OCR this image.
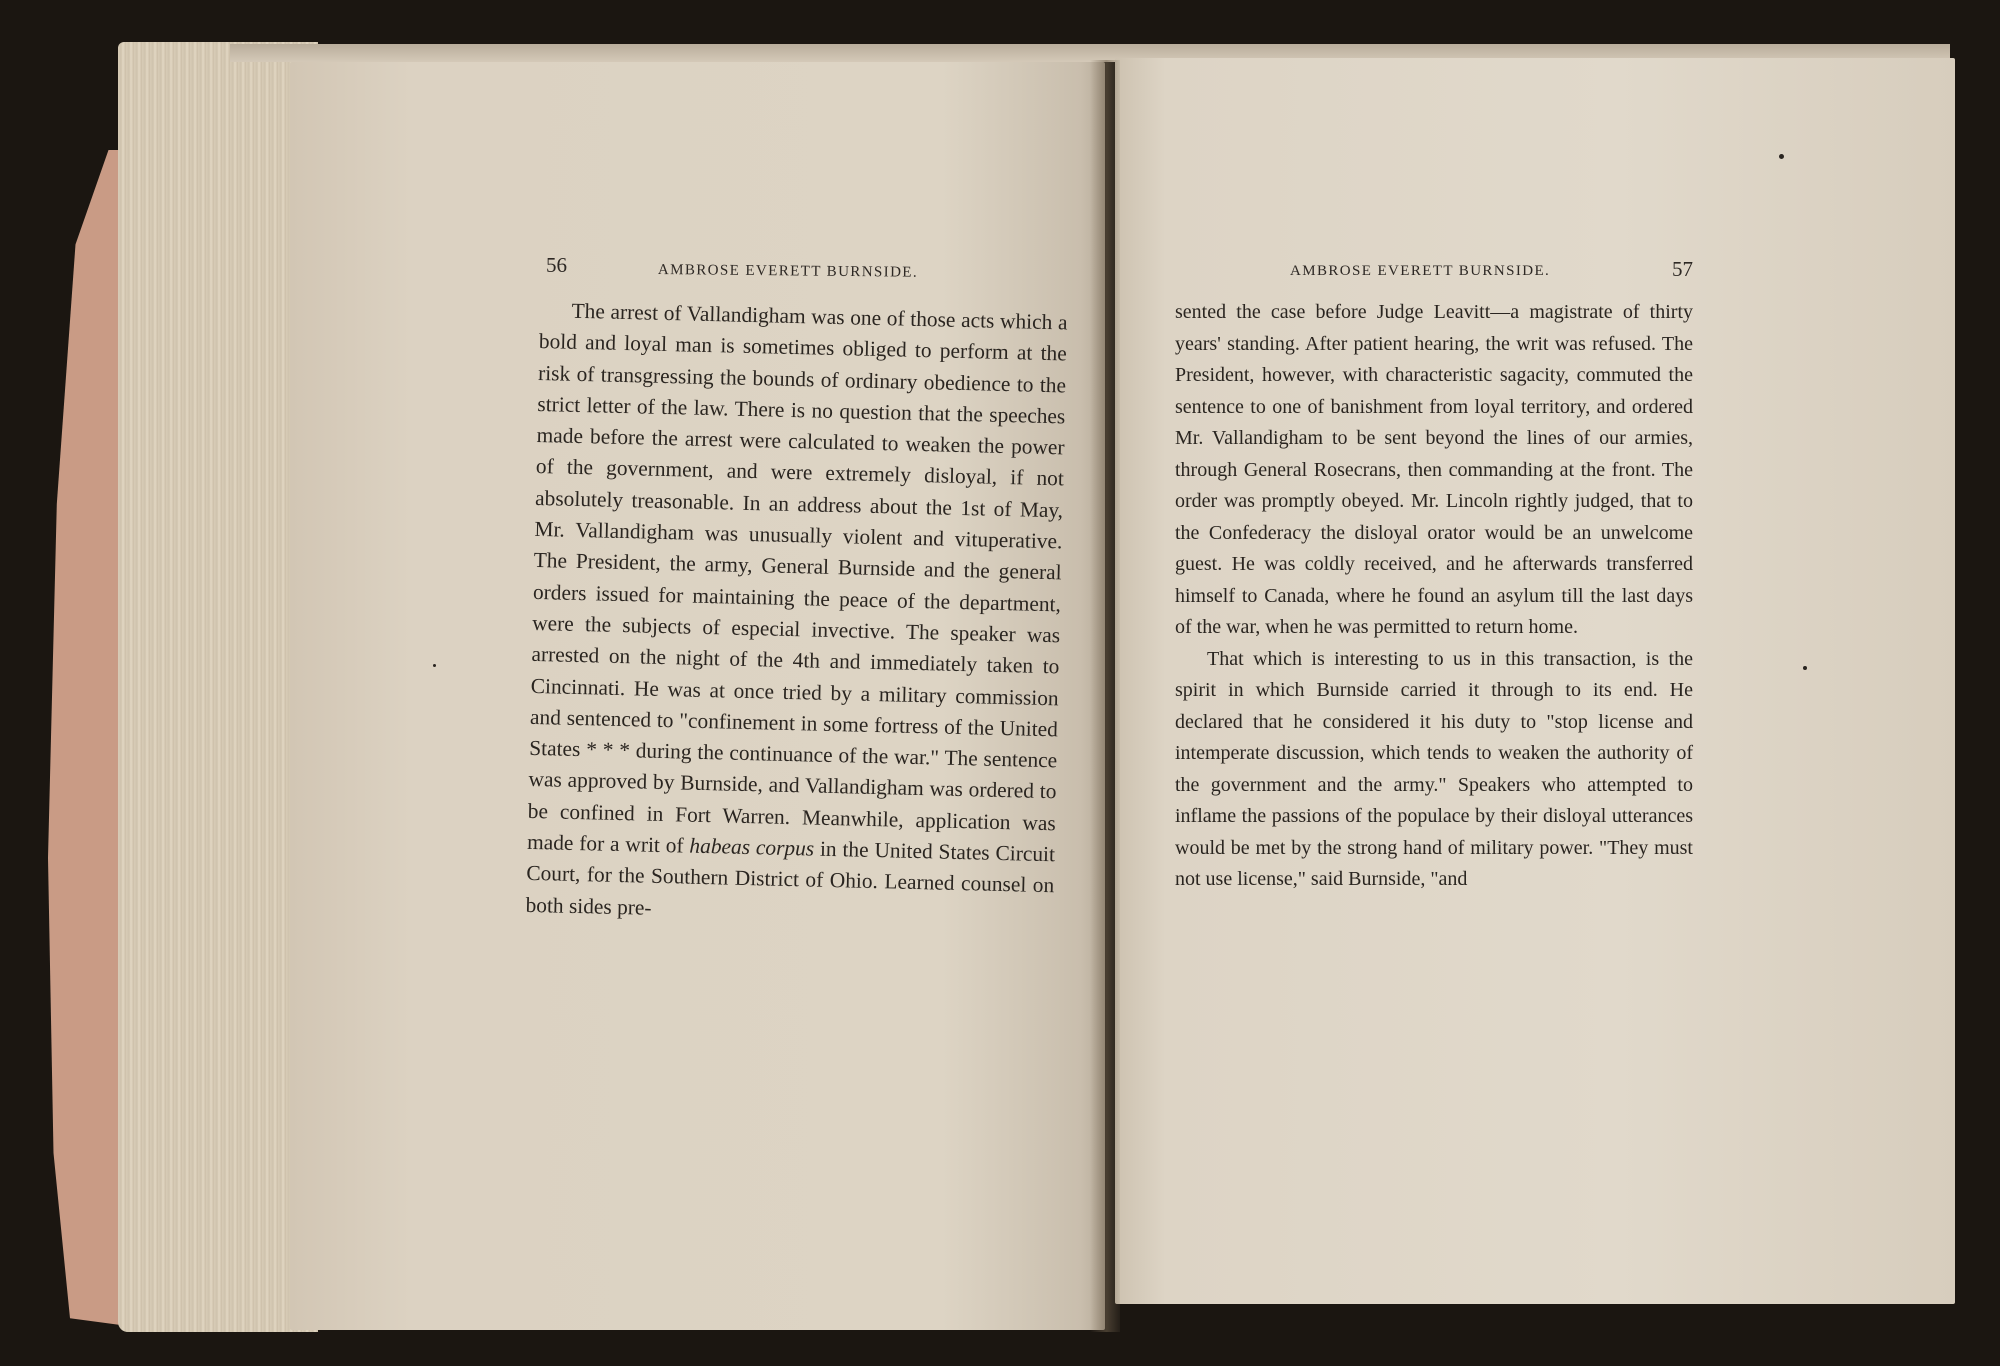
56	AMBROSE EVERETT BURNSIDE.
The arrest of Vallandigham was one of those acts which a bold and loyal man is sometimes obliged to perform at the risk of transgressing the bounds of ordinary obedience to the strict letter of the law. There is no question that the speeches made before the arrest were calculated to weaken the power of the government, and were extremely disloyal, if not absolutely treasonable. In an address about the 1st of May, Mr. Vallandigham was unusually violent and vituperative. The President, the army, General Burnside and the general orders issued for maintaining the peace of the department, were the subjects of especial invective. The speaker was arrested on the night of the 4th and immediately taken to Cincinnati. He was at once tried by a military commission and sentenced to "confinement in some fortress of the United States * * * during the continuance of the war." The sentence was approved by Burnside, and Vallandigham was ordered to be confined in Fort Warren. Meanwhile, application was made for a writ of habeas corpus in the United States Circuit Court, for the Southern District of Ohio. Learned counsel on both sides pre-
AMBROSE EVERETT BURNSIDE.	57
sented the case before Judge Leavitt—a magistrate of thirty years' standing. After patient hearing, the writ was refused. The President, however, with characteristic sagacity, commuted the sentence to one of banishment from loyal territory, and ordered Mr. Vallandigham to be sent beyond the lines of our armies, through General Rosecrans, then commanding at the front. The order was promptly obeyed. Mr. Lincoln rightly judged, that to the Confederacy the disloyal orator would be an unwelcome guest. He was coldly received, and he afterwards transferred himself to Canada, where he found an asylum till the last days of the war, when he was permitted to return home.
That which is interesting to us in this transaction, is the spirit in which Burnside carried it through to its end. He declared that he considered it his duty to "stop license and intemperate discussion, which tends to weaken the authority of the government and the army." Speakers who attempted to inflame the passions of the populace by their disloyal utterances would be met by the strong hand of military power. "They must not use license," said Burnside, "and
